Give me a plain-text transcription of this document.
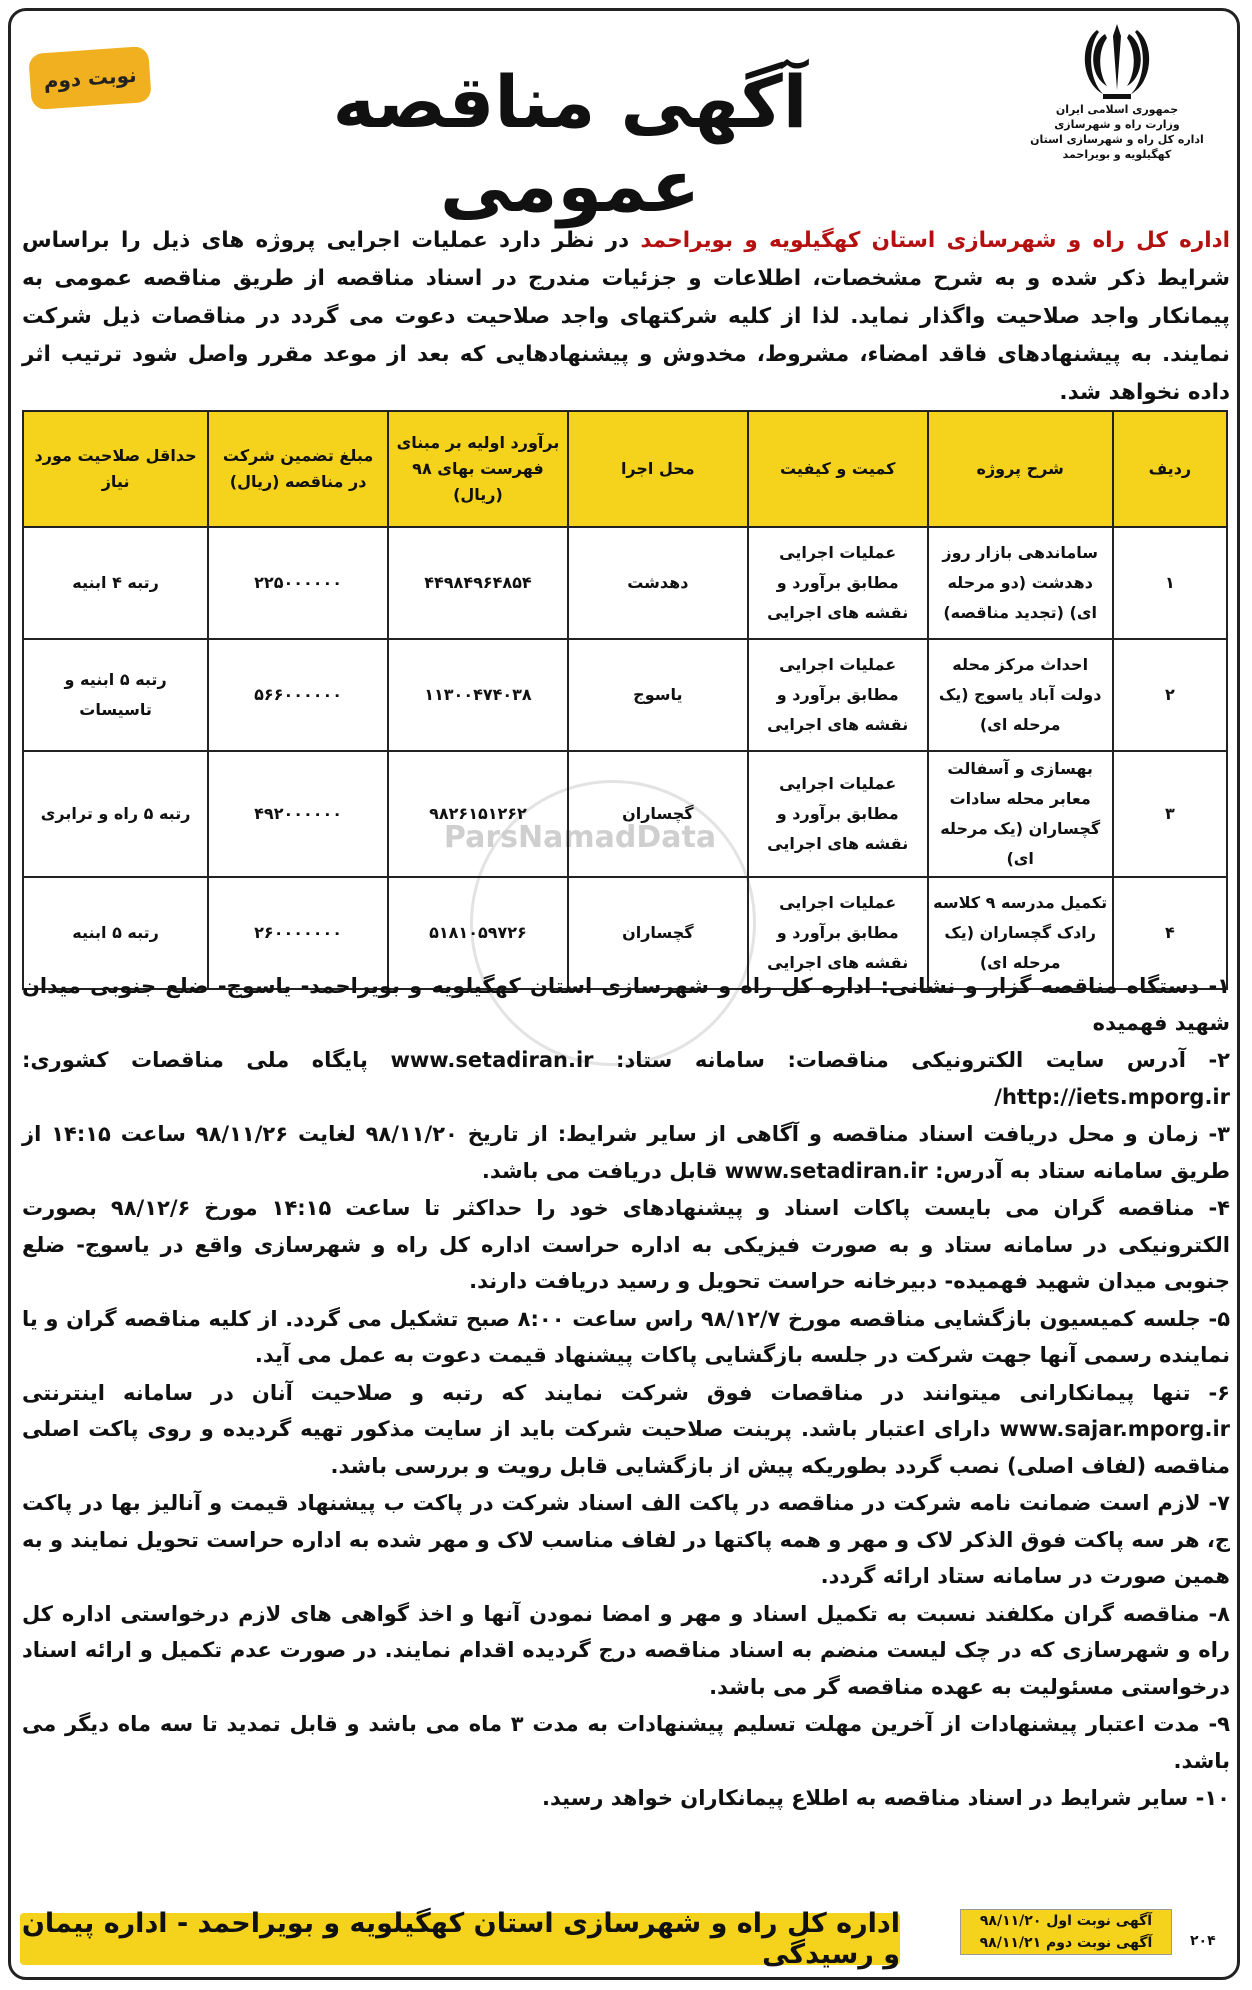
ParsNamadData
نوبت دوم	آگهی مناقصه عمومی
جمهوری اسلامی ایران
وزارت راه و شهرسازی
اداره کل راه و شهرسازی استان
کهگیلویه و بویراحمد
اداره کل راه و شهرسازی استان کهگیلویه و بویراحمد در نظر دارد عملیات اجرایی پروژه های ذیل را براساس شرایط ذکر شده و به شرح مشخصات، اطلاعات و جزئیات مندرج در اسناد مناقصه از طریق مناقصه عمومی به پیمانکار واجد صلاحیت واگذار نماید. لذا از کلیه شرکتهای واجد صلاحیت دعوت می گردد در مناقصات ذیل شرکت نمایند. به پیشنهادهای فاقد امضاء، مشروط، مخدوش و پیشنهادهایی که بعد از موعد مقرر واصل شود ترتیب اثر داده نخواهد شد.
ردیف	شرح پروژه	کمیت و کیفیت	محل اجرا	برآورد اولیه بر مبنای فهرست بهای ۹۸ (ریال)	مبلغ تضمین شرکت در مناقصه (ریال)	حداقل صلاحیت مورد نیاز
۱	ساماندهی بازار روز دهدشت (دو مرحله ای) (تجدید مناقصه)	عملیات اجرایی مطابق برآورد و نقشه های اجرایی	دهدشت	۴۴۹۸۴۹۶۴۸۵۴	۲۲۵۰۰۰۰۰۰	رتبه ۴ ابنیه
۲	احداث مرکز محله دولت آباد یاسوج (یک مرحله ای)	عملیات اجرایی مطابق برآورد و نقشه های اجرایی	یاسوج	۱۱۳۰۰۴۷۴۰۳۸	۵۶۶۰۰۰۰۰۰	رتبه ۵ ابنیه و تاسیسات
۳	بهسازی و آسفالت معابر محله سادات گچساران (یک مرحله ای)	عملیات اجرایی مطابق برآورد و نقشه های اجرایی	گچساران	۹۸۲۶۱۵۱۲۶۲	۴۹۲۰۰۰۰۰۰	رتبه ۵ راه و ترابری
۴	تکمیل مدرسه ۹ کلاسه رادک گچساران (یک مرحله ای)	عملیات اجرایی مطابق برآورد و نقشه های اجرایی	گچساران	۵۱۸۱۰۵۹۷۲۶	۲۶۰۰۰۰۰۰۰	رتبه ۵ ابنیه

۱- دستگاه مناقصه گزار و نشانی: اداره کل راه و شهرسازی استان کهگیلویه و بویراحمد- یاسوج- ضلع جنوبی میدان شهید فهمیده

۲- آدرس سایت الکترونیکی مناقصات: سامانه ستاد: www.setadiran.ir پایگاه ملی مناقصات کشوری: http://iets.mporg.ir/

۳- زمان و محل دریافت اسناد مناقصه و آگاهی از سایر شرایط: از تاریخ ۹۸/۱۱/۲۰ لغایت ۹۸/۱۱/۲۶ ساعت ۱۴:۱۵ از طریق سامانه ستاد به آدرس: www.setadiran.ir قابل دریافت می باشد.

۴- مناقصه گران می بایست پاکات اسناد و پیشنهادهای خود را حداکثر تا ساعت ۱۴:۱۵ مورخ ۹۸/۱۲/۶ بصورت الکترونیکی در سامانه ستاد و به صورت فیزیکی به اداره حراست اداره کل راه و شهرسازی واقع در یاسوج- ضلع جنوبی میدان شهید فهمیده- دبیرخانه حراست تحویل و رسید دریافت دارند.

۵- جلسه کمیسیون بازگشایی مناقصه مورخ ۹۸/۱۲/۷ راس ساعت ۸:۰۰ صبح تشکیل می گردد. از کلیه مناقصه گران و یا نماینده رسمی آنها جهت شرکت در جلسه بازگشایی پاکات پیشنهاد قیمت دعوت به عمل می آید.

۶- تنها پیمانکارانی میتوانند در مناقصات فوق شرکت نمایند که رتبه و صلاحیت آنان در سامانه اینترنتی www.sajar.mporg.ir دارای اعتبار باشد. پرینت صلاحیت شرکت باید از سایت مذکور تهیه گردیده و روی پاکت اصلی مناقصه (لفاف اصلی) نصب گردد بطوریکه پیش از بازگشایی قابل رویت و بررسی باشد.

۷- لازم است ضمانت نامه شرکت در مناقصه در پاکت الف اسناد شرکت در پاکت ب پیشنهاد قیمت و آنالیز بها در پاکت ج، هر سه پاکت فوق الذکر لاک و مهر و همه پاکتها در لفاف مناسب لاک و مهر شده به اداره حراست تحویل نمایند و به همین صورت در سامانه ستاد ارائه گردد.

۸- مناقصه گران مکلفند نسبت به تکمیل اسناد و مهر و امضا نمودن آنها و اخذ گواهی های لازم درخواستی اداره کل راه و شهرسازی که در چک لیست منضم به اسناد مناقصه درج گردیده اقدام نمایند. در صورت عدم تکمیل و ارائه اسناد درخواستی مسئولیت به عهده مناقصه گر می باشد.

۹- مدت اعتبار پیشنهادات از آخرین مهلت تسلیم پیشنهادات به مدت ۳ ماه می باشد و قابل تمدید تا سه ماه دیگر می باشد.

۱۰- سایر شرایط در اسناد مناقصه به اطلاع پیمانکاران خواهد رسید.

اداره کل راه و شهرسازی استان کهگیلویه و بویراحمد - اداره پیمان و رسیدگی
آگهی نوبت اول ۹۸/۱۱/۲۰
آگهی نوبت دوم ۹۸/۱۱/۲۱	۲۰۴
